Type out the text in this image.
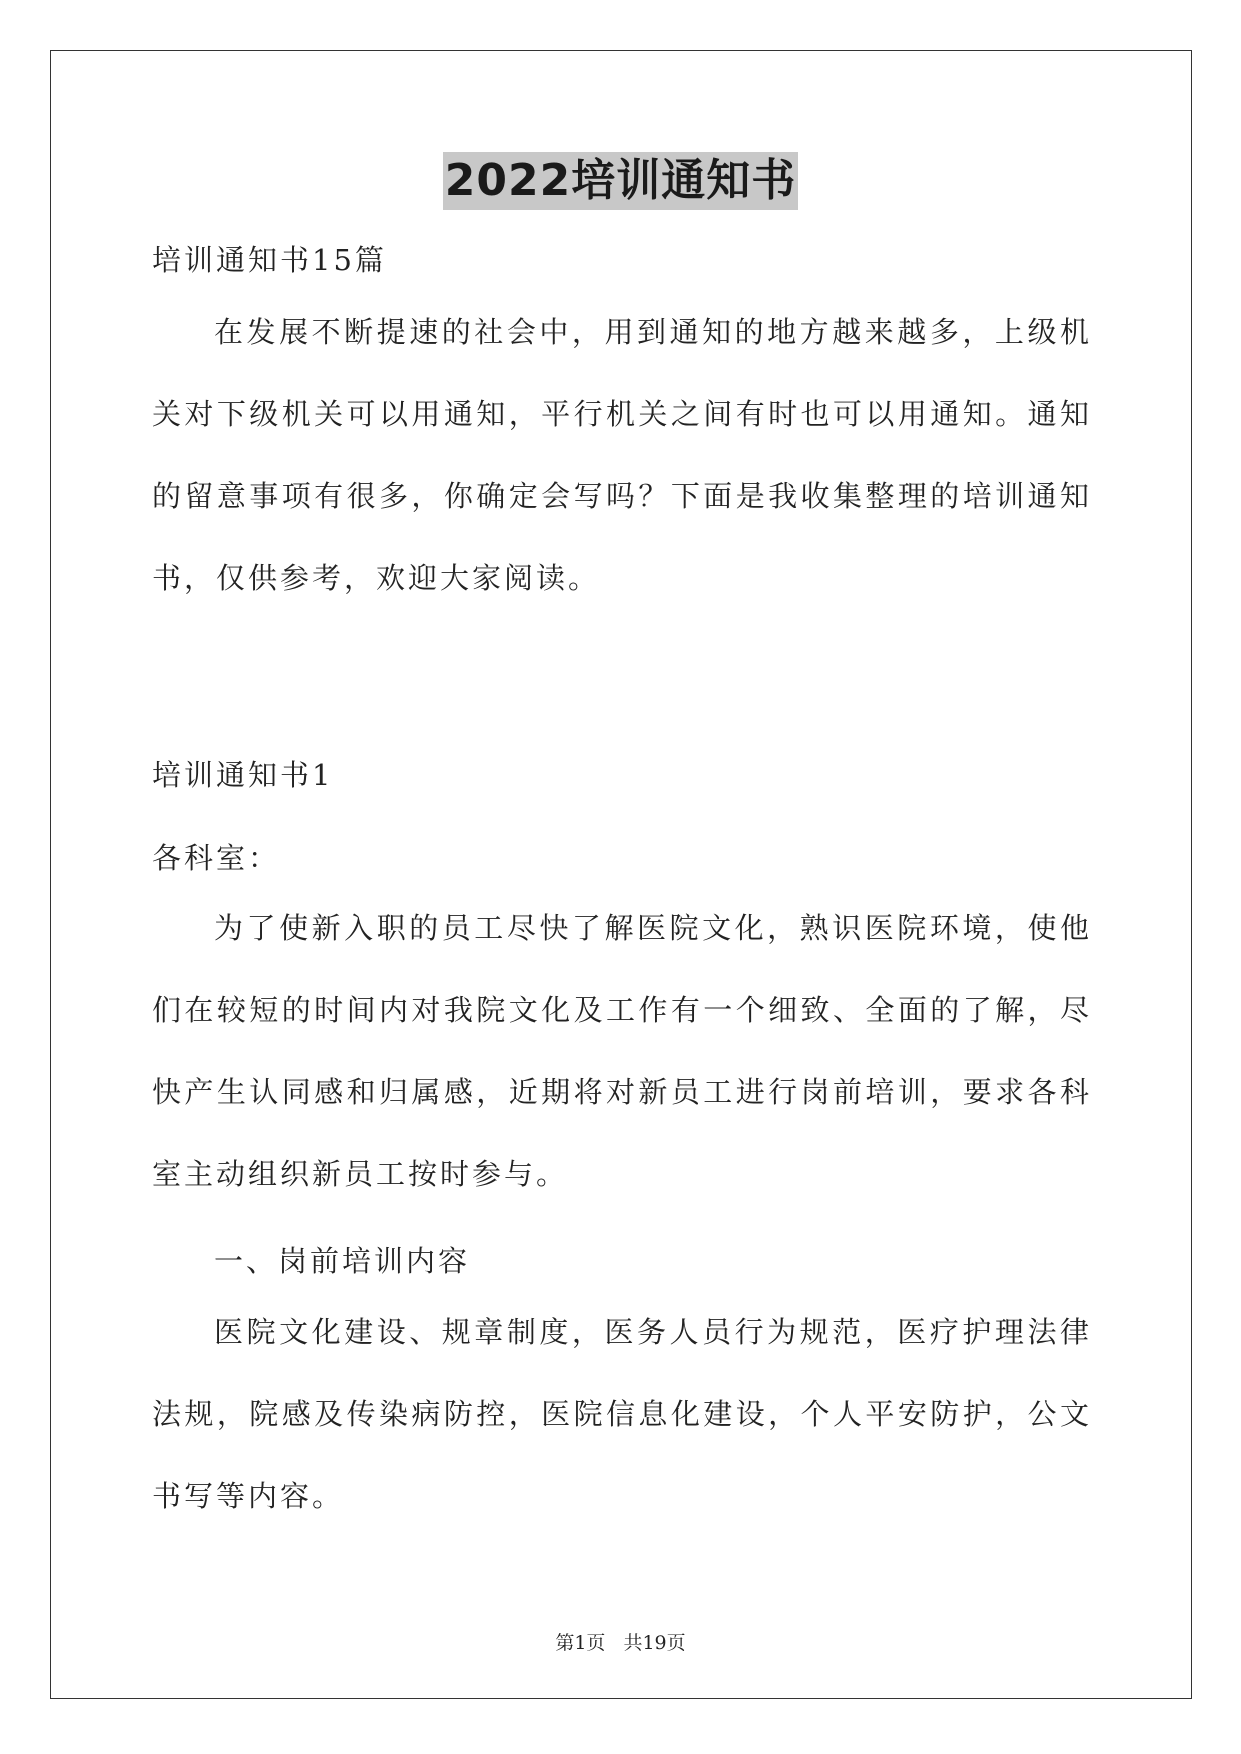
2022培训通知书
培训通知书15篇
在发展不断提速的社会中，用到通知的地方越来越多，上级机关对下级机关可以用通知，平行机关之间有时也可以用通知。通知的留意事项有很多，你确定会写吗？下面是我收集整理的培训通知书，仅供参考，欢迎大家阅读。
培训通知书1
各科室：
为了使新入职的员工尽快了解医院文化，熟识医院环境，使他们在较短的时间内对我院文化及工作有一个细致、全面的了解，尽快产生认同感和归属感，近期将对新员工进行岗前培训，要求各科室主动组织新员工按时参与。
一、岗前培训内容
医院文化建设、规章制度，医务人员行为规范，医疗护理法律法规，院感及传染病防控，医院信息化建设，个人平安防护，公文书写等内容。
第1页 共19页
